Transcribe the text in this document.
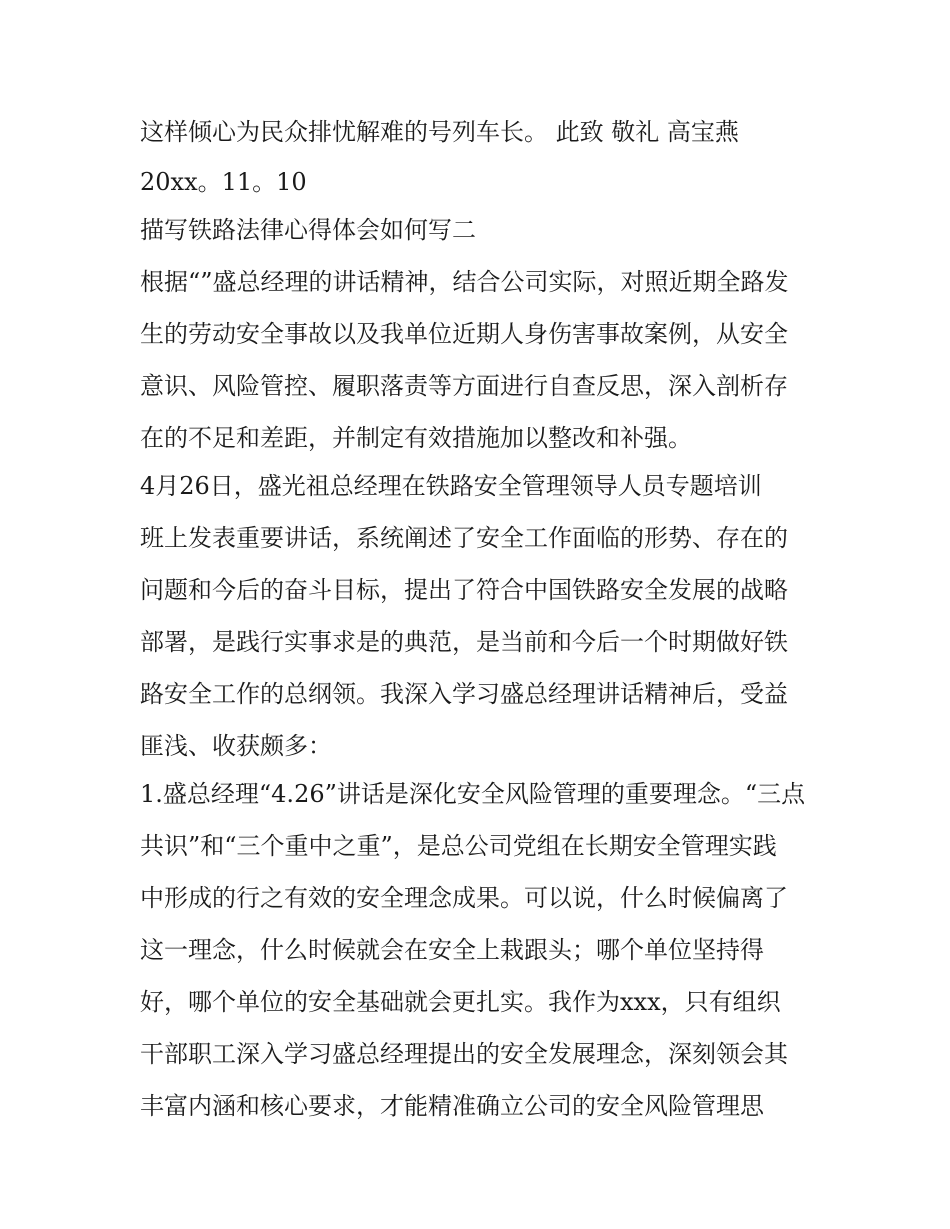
这样倾心为民众排忧解难的号列车长。 此致 敬礼 高宝燕

20xx。11。10

描写铁路法律心得体会如何写二

根据“”盛总经理的讲话精神，结合公司实际，对照近期全路发

生的劳动安全事故以及我单位近期人身伤害事故案例，从安全

意识、风险管控、履职落责等方面进行自查反思，深入剖析存

在的不足和差距，并制定有效措施加以整改和补强。

4月26日，盛光祖总经理在铁路安全管理领导人员专题培训

班上发表重要讲话，系统阐述了安全工作面临的形势、存在的

问题和今后的奋斗目标，提出了符合中国铁路安全发展的战略

部署，是践行实事求是的典范，是当前和今后一个时期做好铁

路安全工作的总纲领。我深入学习盛总经理讲话精神后，受益

匪浅、收获颇多：

1.盛总经理“4.26”讲话是深化安全风险管理的重要理念。“三点

共识”和“三个重中之重”，是总公司党组在长期安全管理实践

中形成的行之有效的安全理念成果。可以说，什么时候偏离了

这一理念，什么时候就会在安全上栽跟头；哪个单位坚持得

好，哪个单位的安全基础就会更扎实。我作为xxx，只有组织

干部职工深入学习盛总经理提出的安全发展理念，深刻领会其

丰富内涵和核心要求，才能精准确立公司的安全风险管理思
